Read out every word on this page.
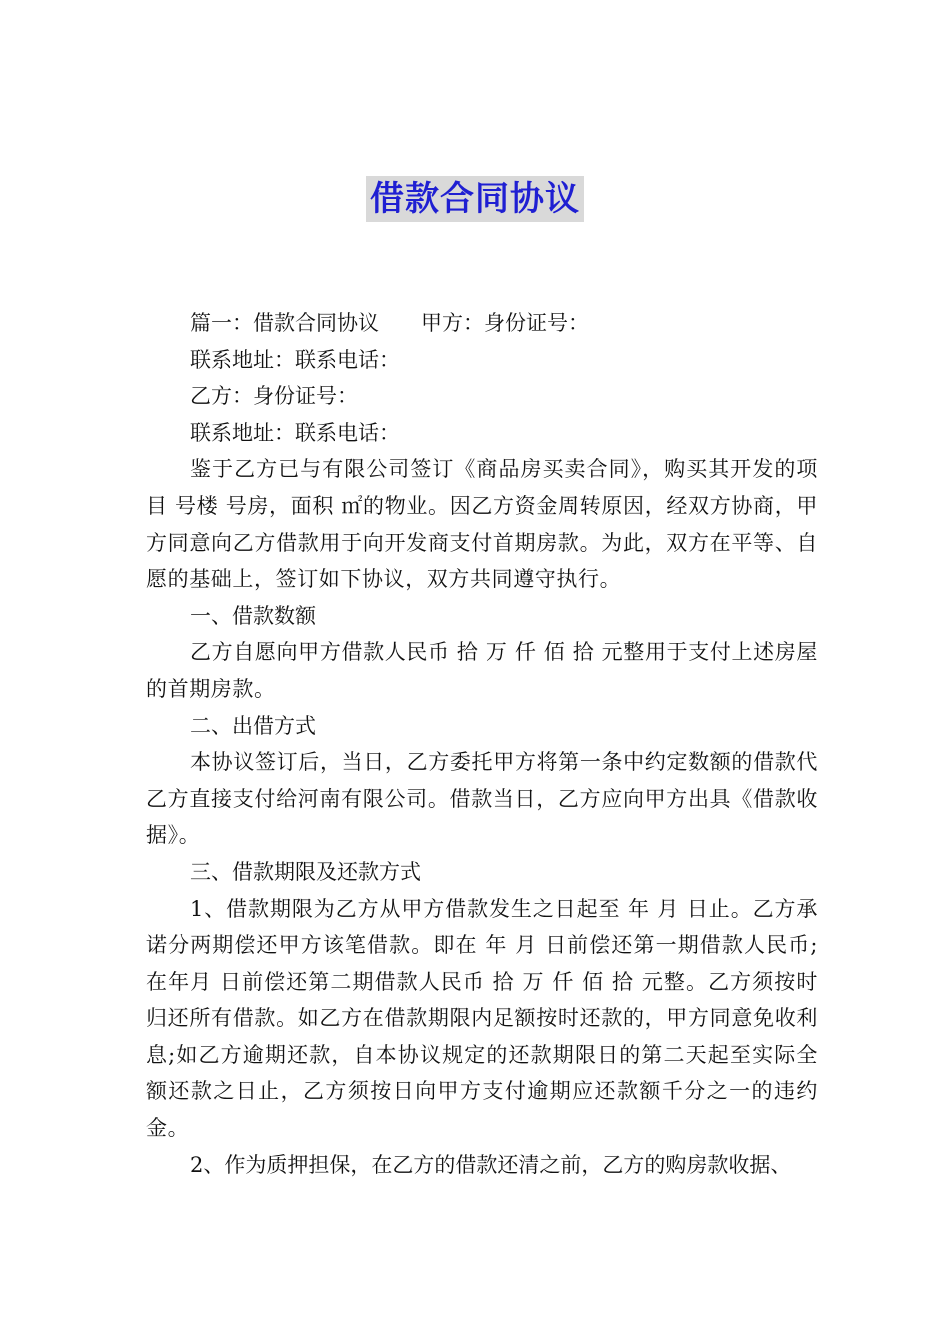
借款合同协议

篇一：借款合同协议　　甲方：身份证号：

联系地址：联系电话：

乙方：身份证号：

联系地址：联系电话：

鉴于乙方已与有限公司签订《商品房买卖合同》，购买其开发的项目 号楼 号房，面积 ㎡的物业。因乙方资金周转原因，经双方协商，甲方同意向乙方借款用于向开发商支付首期房款。为此，双方在平等、自愿的基础上，签订如下协议，双方共同遵守执行。

一、借款数额

乙方自愿向甲方借款人民币 拾 万 仟 佰 拾 元整用于支付上述房屋的首期房款。

二、出借方式

本协议签订后，当日，乙方委托甲方将第一条中约定数额的借款代乙方直接支付给河南有限公司。借款当日，乙方应向甲方出具《借款收据》。

三、借款期限及还款方式

1、借款期限为乙方从甲方借款发生之日起至 年 月 日止。乙方承诺分两期偿还甲方该笔借款。即在 年 月 日前偿还第一期借款人民币;在年月 日前偿还第二期借款人民币 拾 万 仟 佰 拾 元整。乙方须按时归还所有借款。如乙方在借款期限内足额按时还款的，甲方同意免收利息;如乙方逾期还款，自本协议规定的还款期限日的第二天起至实际全额还款之日止，乙方须按日向甲方支付逾期应还款额千分之一的违约金。

2、作为质押担保，在乙方的借款还清之前，乙方的购房款收据、
